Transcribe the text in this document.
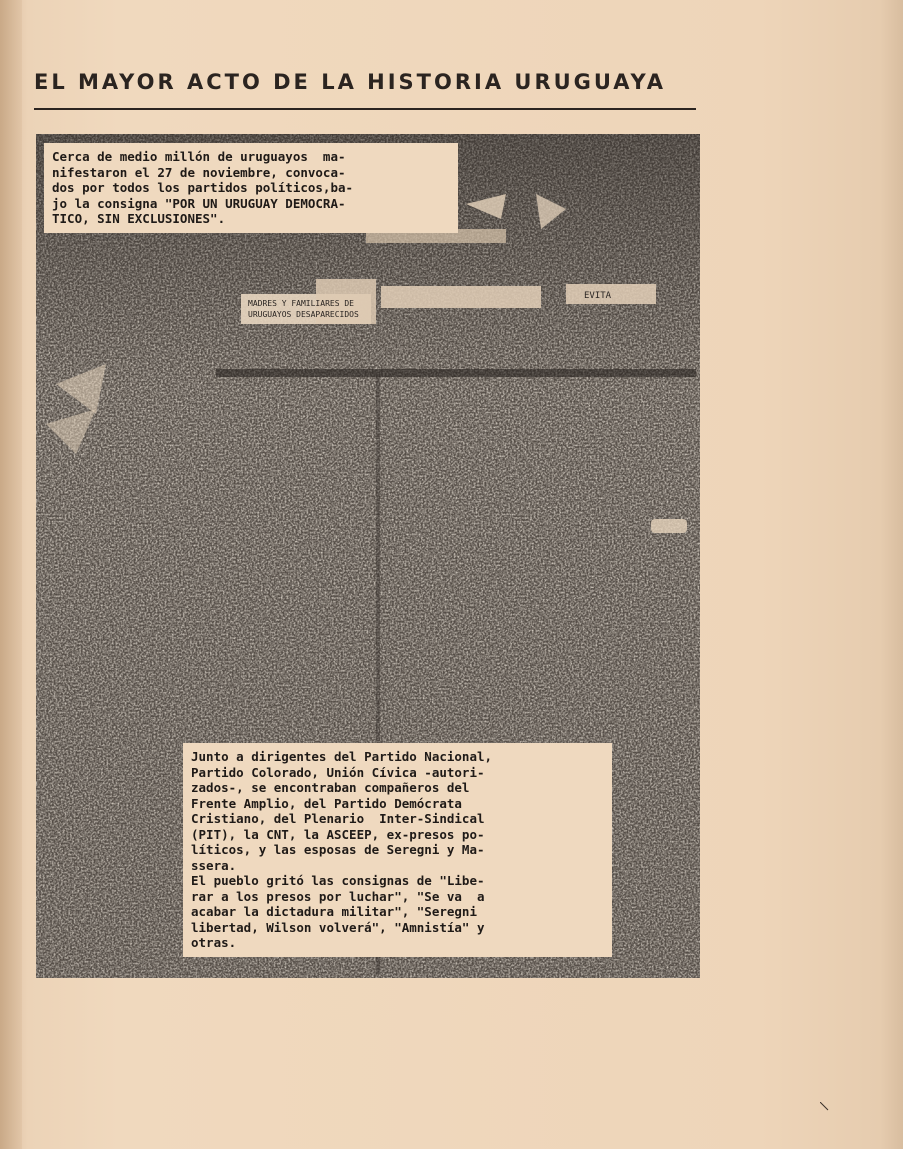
EL MAYOR ACTO DE LA HISTORIA URUGUAYA
MADRES Y FAMILIARES DE
URUGUAYOS DESAPARECIDOS
EVITA
Cerca de medio millón de uruguayos  ma-
nifestaron el 27 de noviembre, convoca-
dos por todos los partidos políticos,ba-
jo la consigna "POR UN URUGUAY DEMOCRA-
TICO, SIN EXCLUSIONES".
Junto a dirigentes del Partido Nacional,
Partido Colorado, Unión Cívica -autori-
zados-, se encontraban compañeros del
Frente Amplio, del Partido Demócrata
Cristiano, del Plenario  Inter-Sindical
(PIT), la CNT, la ASCEEP, ex-presos po-
líticos, y las esposas de Seregni y Ma-
ssera.
El pueblo gritó las consignas de "Libe-
rar a los presos por luchar", "Se va  a
acabar la dictadura militar", "Seregni
libertad, Wilson volverá", "Amnistía" y
otras.
